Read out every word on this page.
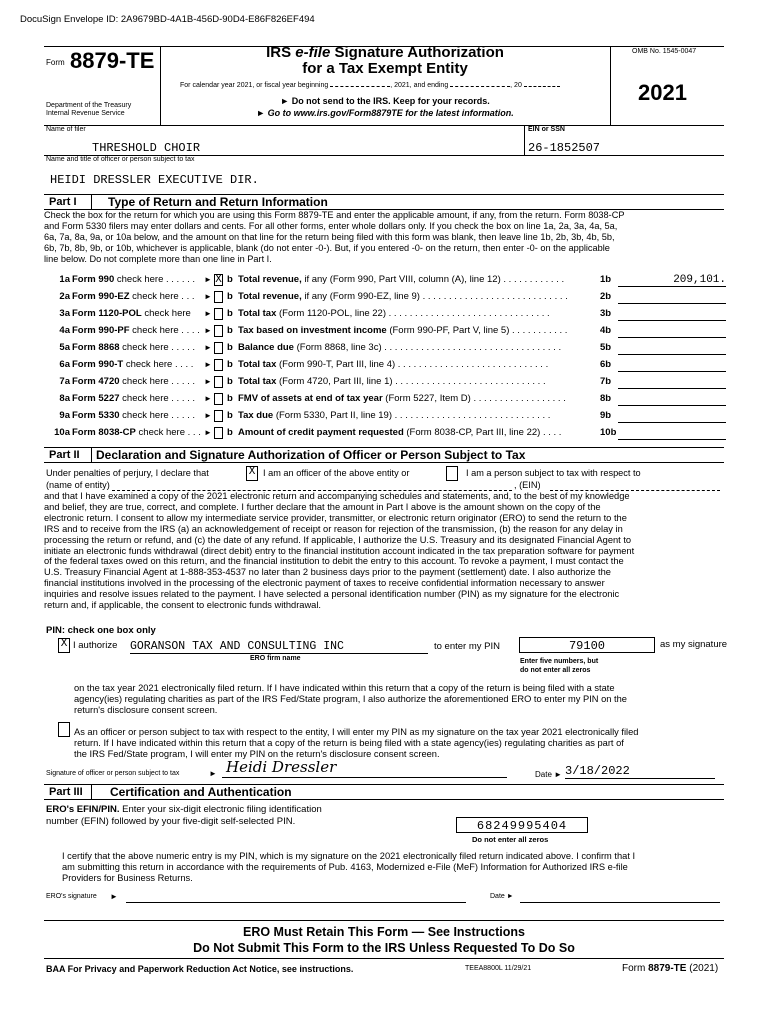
DocuSign Envelope ID: 2A9679BD-4A1B-456D-90D4-E86F826EF494
Form 8879-TE
Department of the Treasury
Internal Revenue Service
IRS e-file Signature Authorization
for a Tax Exempt Entity
For calendar year 2021, or fiscal year beginning	, 2021, and ending	, 20
► Do not send to the IRS. Keep for your records.
► Go to www.irs.gov/Form8879TE for the latest information.
OMB No. 1545-0047
2021
Name of filer	EIN or SSN
THRESHOLD CHOIR	26-1852507
Name and title of officer or person subject to tax
HEIDI DRESSLER EXECUTIVE DIR.
Part I	Type of Return and Return Information
Check the box for the return for which you are using this Form 8879-TE and enter the applicable amount, if any, from the return. Form 8038-CP
and Form 5330 filers may enter dollars and cents. For all other forms, enter whole dollars only. If you check the box on line 1a, 2a, 3a, 4a, 5a,
6a, 7a, 8a, 9a, or 10a below, and the amount on that line for the return being filed with this form was blank, then leave line 1b, 2b, 3b, 4b, 5b,
6b, 7b, 8b, 9b, or 10b, whichever is applicable, blank (do not enter -0-). But, if you entered -0- on the return, then enter -0- on the applicable
line below. Do not complete more than one line in Part I.
1a Form 990 check here . . . . . .	► X b Total revenue, if any (Form 990, Part VIII, column (A), line 12) . . . . . . . . . . . .	1b	209,101.
2a Form 990-EZ check here . . .	► b Total revenue, if any (Form 990-EZ, line 9) . . . . . . . . . . . . . . . . . . . . . . . . . . . .	2b
3a Form 1120-POL check here	► b Total tax (Form 1120-POL, line 22) . . . . . . . . . . . . . . . . . . . . . . . . . . . . . . .	3b
4a Form 990-PF check here . . . . ► b Tax based on investment income (Form 990-PF, Part V, line 5) . . . . . . . . . . .	4b
5a Form 8868 check here . . . . .	► b Balance due (Form 8868, line 3c) . . . . . . . . . . . . . . . . . . . . . . . . . . . . . . . . . .	5b
6a Form 990-T check here . . . .	► b Total tax (Form 990-T, Part III, line 4) . . . . . . . . . . . . . . . . . . . . . . . . . . . . .	6b
7a Form 4720 check here . . . . .	► b Total tax (Form 4720, Part III, line 1) . . . . . . . . . . . . . . . . . . . . . . . . . . . . .	7b
8a Form 5227 check here . . . . .	► b FMV of assets at end of tax year (Form 5227, Item D) . . . . . . . . . . . . . . . . . .	8b
9a Form 5330 check here . . . . .	► b Tax due (Form 5330, Part II, line 19) . . . . . . . . . . . . . . . . . . . . . . . . . . . . . .	9b
10a Form 8038-CP check here . . . ► b Amount of credit payment requested (Form 8038-CP, Part III, line 22) . . . .	10b
Part II	Declaration and Signature Authorization of Officer or Person Subject to Tax
Under penalties of perjury, I declare that	X I am an officer of the above entity or	I am a person subject to tax with respect to
(name of entity)	, (EIN)
and that I have examined a copy of the 2021 electronic return and accompanying schedules and statements, and, to the best of my knowledge
and belief, they are true, correct, and complete. I further declare that the amount in Part I above is the amount shown on the copy of the
electronic return. I consent to allow my intermediate service provider, transmitter, or electronic return originator (ERO) to send the return to the
IRS and to receive from the IRS (a) an acknowledgement of receipt or reason for rejection of the transmission, (b) the reason for any delay in
processing the return or refund, and (c) the date of any refund. If applicable, I authorize the U.S. Treasury and its designated Financial Agent to
initiate an electronic funds withdrawal (direct debit) entry to the financial institution account indicated in the tax preparation software for payment
of the federal taxes owed on this return, and the financial institution to debit the entry to this account. To revoke a payment, I must contact the
U.S. Treasury Financial Agent at 1-888-353-4537 no later than 2 business days prior to the payment (settlement) date. I also authorize the
financial institutions involved in the processing of the electronic payment of taxes to receive confidential information necessary to answer
inquiries and resolve issues related to the payment. I have selected a personal identification number (PIN) as my signature for the electronic
return and, if applicable, the consent to electronic funds withdrawal.
PIN: check one box only
X I authorize GORANSON TAX AND CONSULTING INC
ERO firm name
to enter my PIN	79100	as my signature
Enter five numbers, but
do not enter all zeros
on the tax year 2021 electronically filed return. If I have indicated within this return that a copy of the return is being filed with a state
agency(ies) regulating charities as part of the IRS Fed/State program, I also authorize the aforementioned ERO to enter my PIN on the
return's disclosure consent screen.
As an officer or person subject to tax with respect to the entity, I will enter my PIN as my signature on the tax year 2021 electronically filed
return. If I have indicated within this return that a copy of the return is being filed with a state agency(ies) regulating charities as part of
the IRS Fed/State program, I will enter my PIN on the return's disclosure consent screen.
Signature of officer or person subject to tax	► Heidi Dressler	Date ► 3/18/2022
Part III	Certification and Authentication
ERO's EFIN/PIN. Enter your six-digit electronic filing identification
number (EFIN) followed by your five-digit self-selected PIN.	68249995404
Do not enter all zeros
I certify that the above numeric entry is my PIN, which is my signature on the 2021 electronically filed return indicated above. I confirm that I
am submitting this return in accordance with the requirements of Pub. 4163, Modernized e-File (MeF) Information for Authorized IRS e-file
Providers for Business Returns.
ERO's signature ►	Date ►
ERO Must Retain This Form — See Instructions
Do Not Submit This Form to the IRS Unless Requested To Do So
BAA For Privacy and Paperwork Reduction Act Notice, see instructions.	TEEA8800L 11/29/21	Form 8879-TE (2021)
